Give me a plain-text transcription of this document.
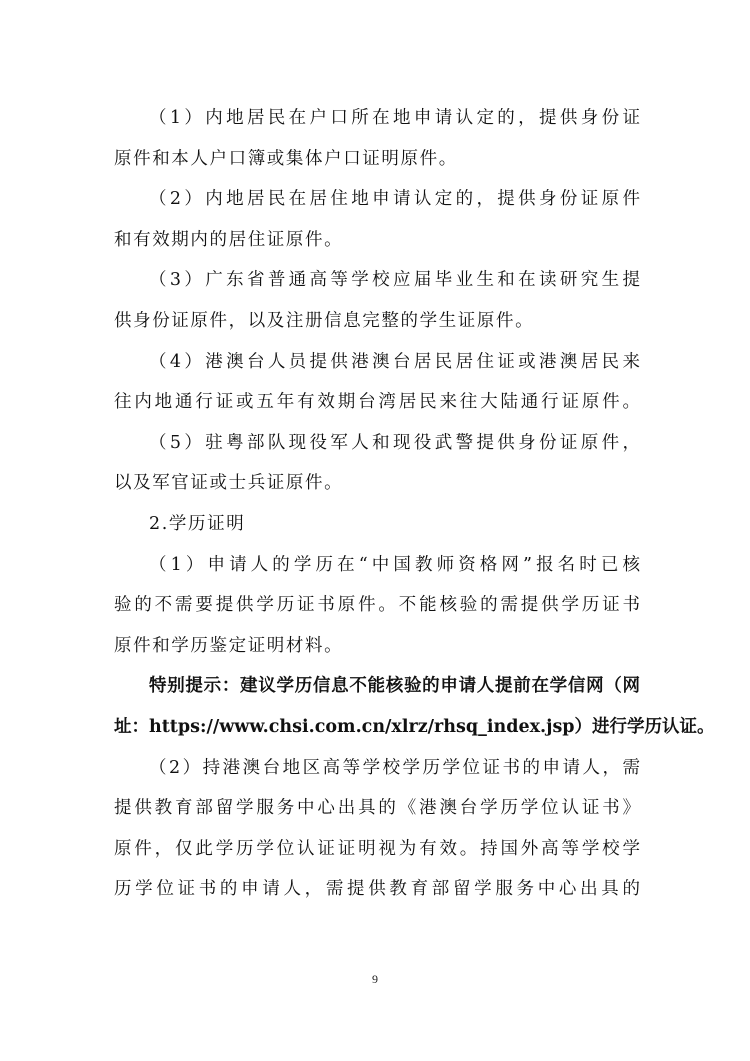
（1）内地居民在户口所在地申请认定的，提供身份证
原件和本人户口簿或集体户口证明原件。
（2）内地居民在居住地申请认定的，提供身份证原件
和有效期内的居住证原件。
（3）广东省普通高等学校应届毕业生和在读研究生提
供身份证原件，以及注册信息完整的学生证原件。
（4）港澳台人员提供港澳台居民居住证或港澳居民来
往内地通行证或五年有效期台湾居民来往大陆通行证原件。
（5）驻粤部队现役军人和现役武警提供身份证原件，
以及军官证或士兵证原件。
2.学历证明
（1）申请人的学历在“中国教师资格网”报名时已核
验的不需要提供学历证书原件。不能核验的需提供学历证书
原件和学历鉴定证明材料。
特别提示：建议学历信息不能核验的申请人提前在学信网（网
址：https://www.chsi.com.cn/xlrz/rhsq_index.jsp）进行学历认证。
（2）持港澳台地区高等学校学历学位证书的申请人，需
提供教育部留学服务中心出具的《港澳台学历学位认证书》
原件，仅此学历学位认证证明视为有效。持国外高等学校学
历学位证书的申请人，需提供教育部留学服务中心出具的
9
